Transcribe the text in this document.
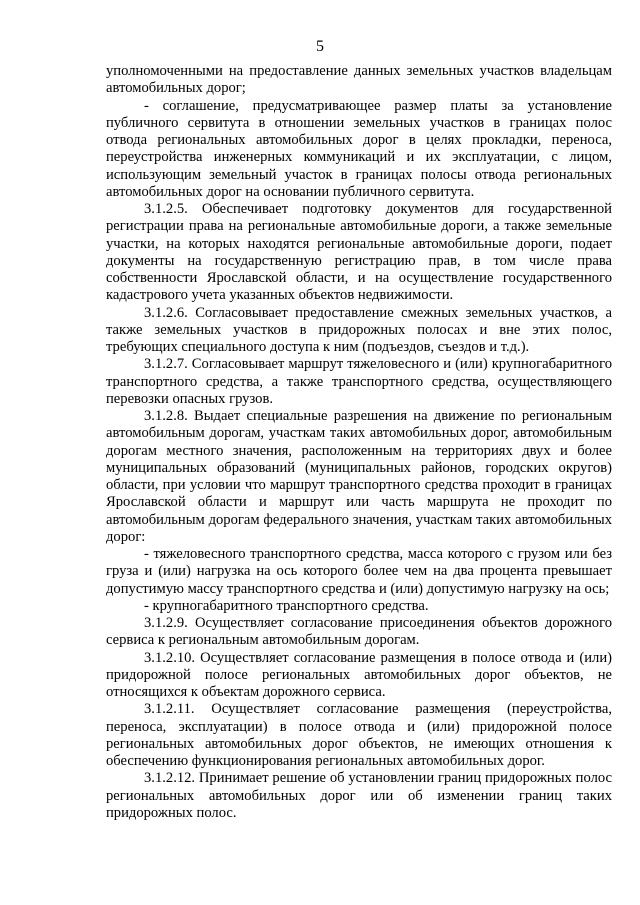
5

уполномоченными на предоставление данных земельных участков владельцам автомобильных дорог;

- соглашение, предусматривающее размер платы за установление публичного сервитута в отношении земельных участков в границах полос отвода региональных автомобильных дорог в целях прокладки, переноса, переустройства инженерных коммуникаций и их эксплуатации, с лицом, использующим земельный участок в границах полосы отвода региональных автомобильных дорог на основании публичного сервитута.

3.1.2.5. Обеспечивает подготовку документов для государственной регистрации права на региональные автомобильные дороги, а также земельные участки, на которых находятся региональные автомобильные дороги, подает документы на государственную регистрацию прав, в том числе права собственности Ярославской области, и на осуществление государственного кадастрового учета указанных объектов недвижимости.

3.1.2.6. Согласовывает предоставление смежных земельных участков, а также земельных участков в придорожных полосах и вне этих полос, требующих специального доступа к ним (подъездов, съездов и т.д.).

3.1.2.7. Согласовывает маршрут тяжеловесного и (или) крупногабаритного транспортного средства, а также транспортного средства, осуществляющего перевозки опасных грузов.

3.1.2.8. Выдает специальные разрешения на движение по региональным автомобильным дорогам, участкам таких автомобильных дорог, автомобильным дорогам местного значения, расположенным на территориях двух и более муниципальных образований (муниципальных районов, городских округов) области, при условии что маршрут транспортного средства проходит в границах Ярославской области и маршрут или часть маршрута не проходит по автомобильным дорогам федерального значения, участкам таких автомобильных дорог:

- тяжеловесного транспортного средства, масса которого с грузом или без груза и (или) нагрузка на ось которого более чем на два процента превышает допустимую массу транспортного средства и (или) допустимую нагрузку на ось;

- крупногабаритного транспортного средства.

3.1.2.9. Осуществляет согласование присоединения объектов дорожного сервиса к региональным автомобильным дорогам.

3.1.2.10. Осуществляет согласование размещения в полосе отвода и (или) придорожной полосе региональных автомобильных дорог объектов, не относящихся к объектам дорожного сервиса.

3.1.2.11. Осуществляет согласование размещения (переустройства, переноса, эксплуатации) в полосе отвода и (или) придорожной полосе региональных автомобильных дорог объектов, не имеющих отношения к обеспечению функционирования региональных автомобильных дорог.

3.1.2.12. Принимает решение об установлении границ придорожных полос региональных автомобильных дорог или об изменении границ таких придорожных полос.
